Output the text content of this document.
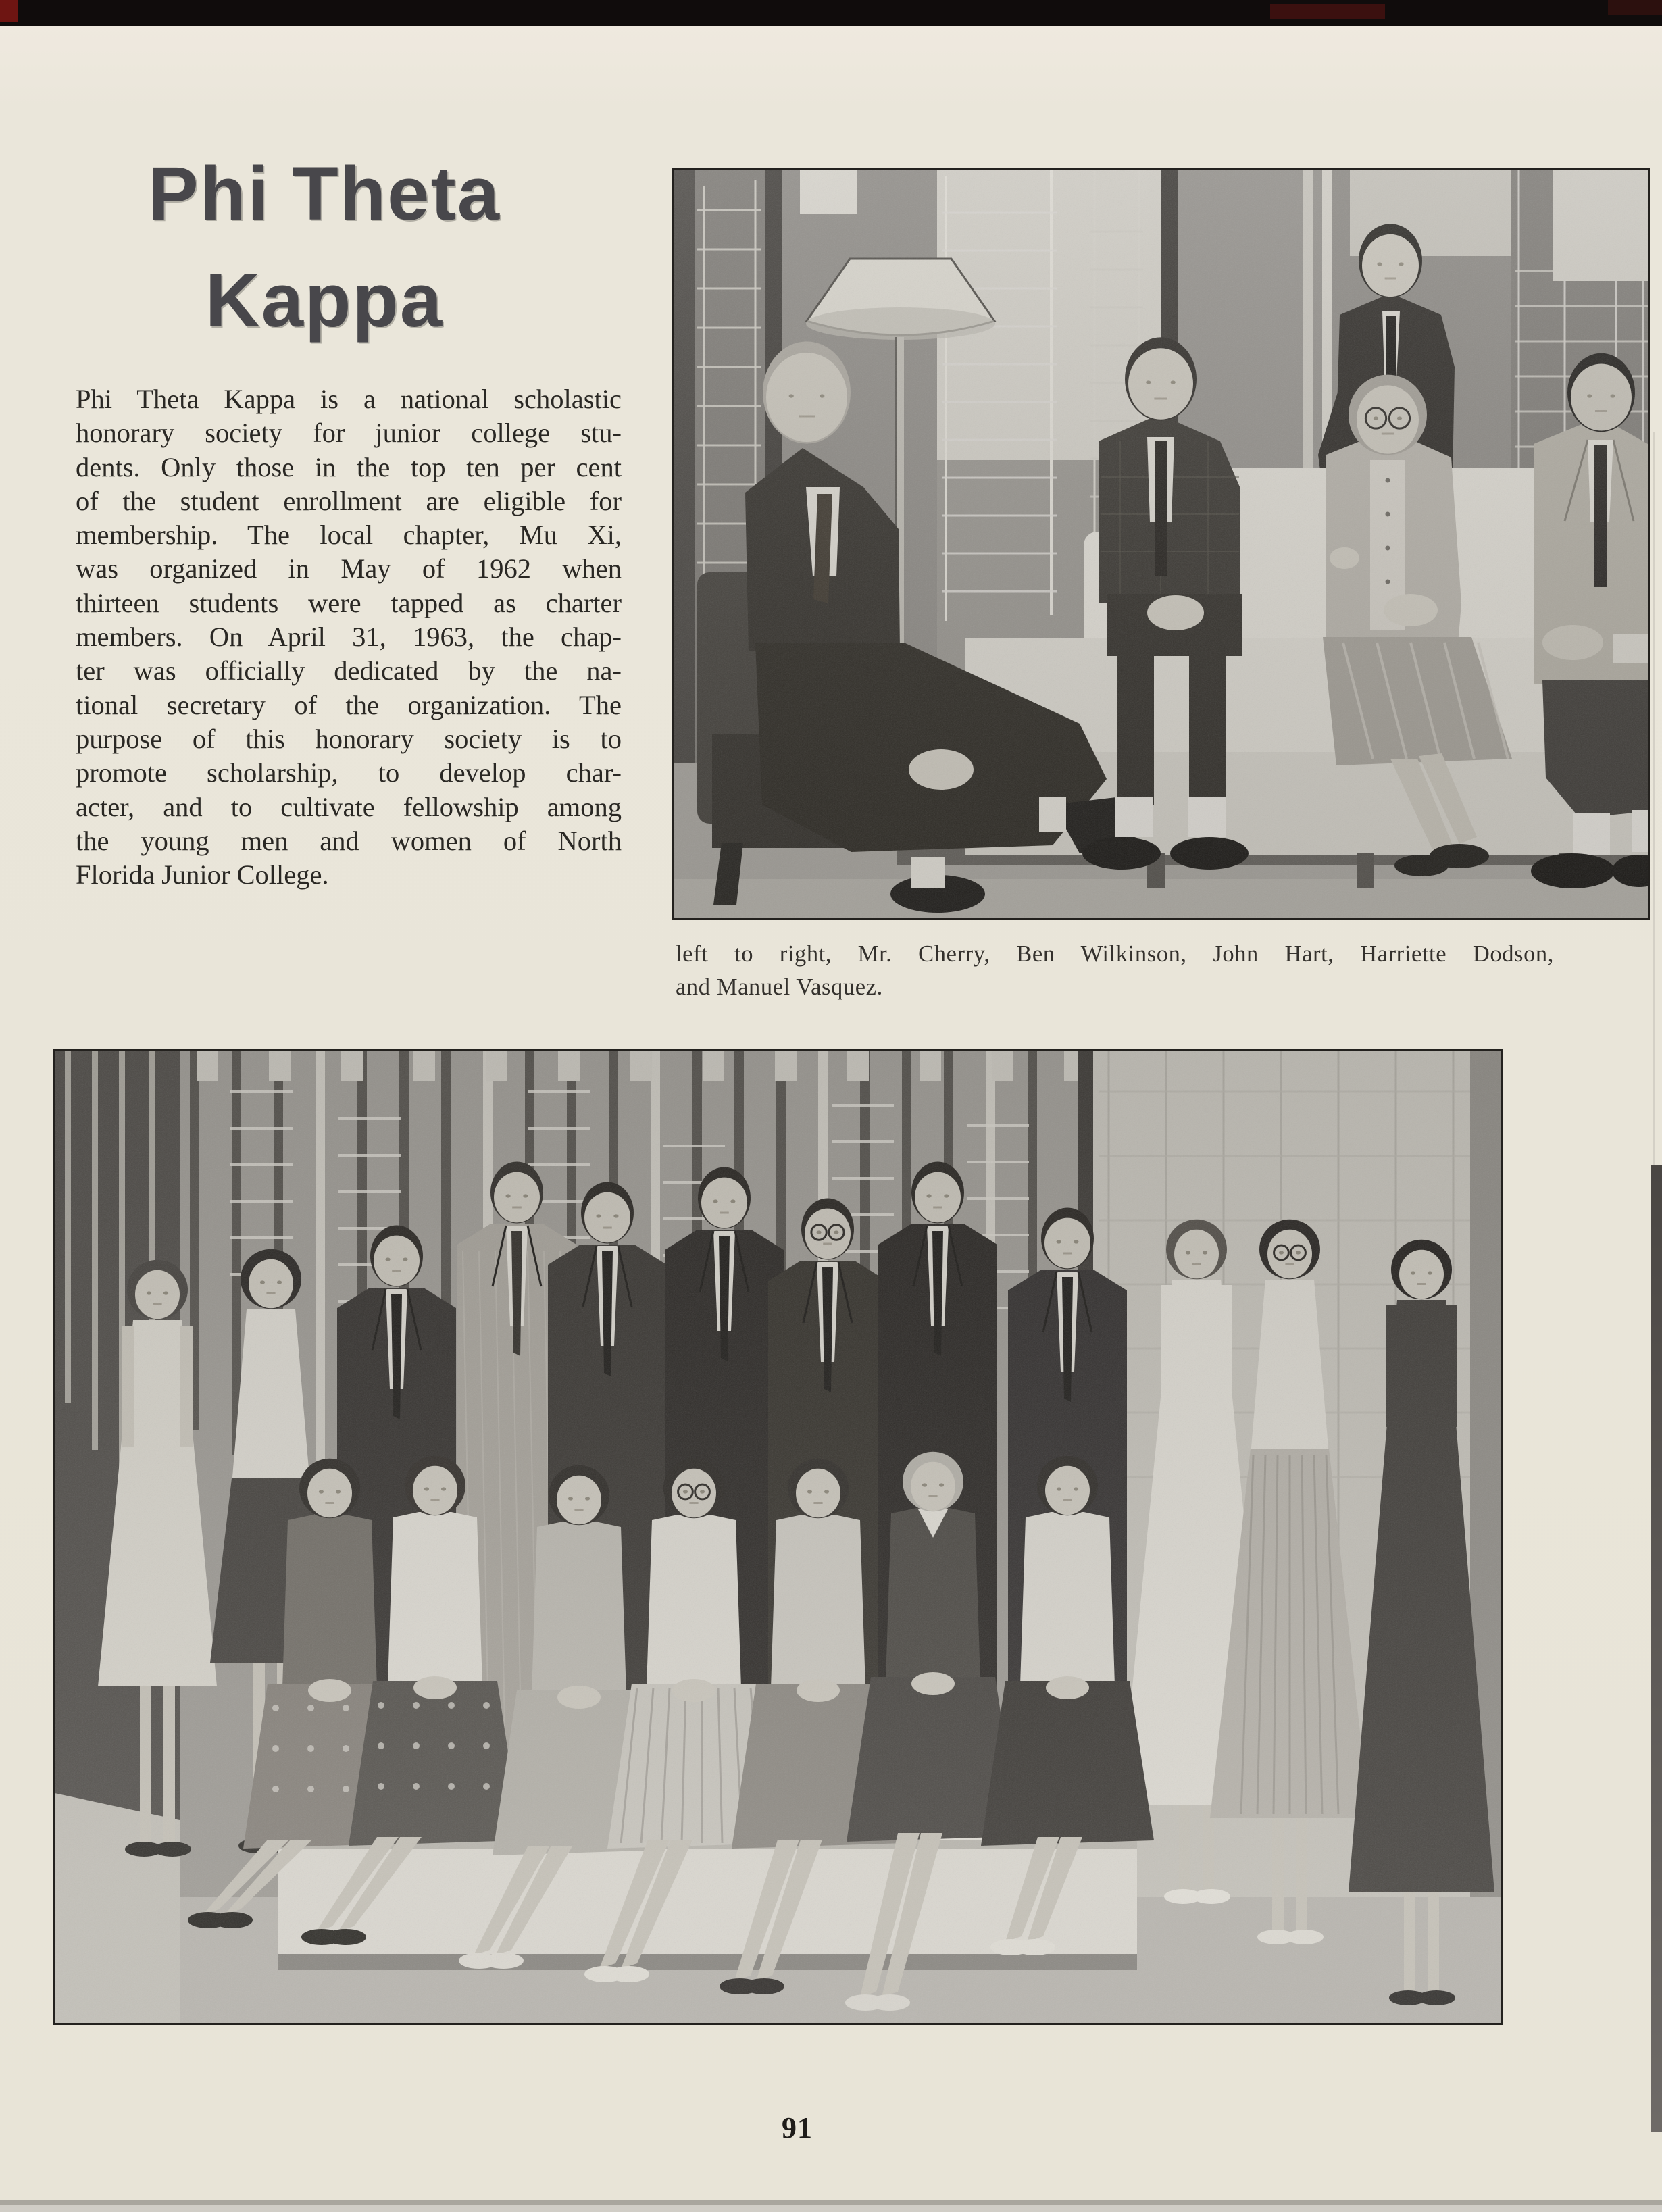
Phi Theta
Kappa
Phi Theta Kappa is a national scholastic
honorary society for junior college stu-
dents. Only those in the top ten per cent
of the student enrollment are eligible for
membership. The local chapter, Mu Xi,
was organized in May of 1962 when
thirteen students were tapped as charter
members. On April 31, 1963, the chap-
ter was officially dedicated by the na-
tional secretary of the organization. The
purpose of this honorary society is to
promote scholarship, to develop char-
acter, and to cultivate fellowship among
the young men and women of North
Florida Junior College.
left to right, Mr. Cherry, Ben Wilkinson, John Hart, Harriette Dodson,
and Manuel Vasquez.
91
